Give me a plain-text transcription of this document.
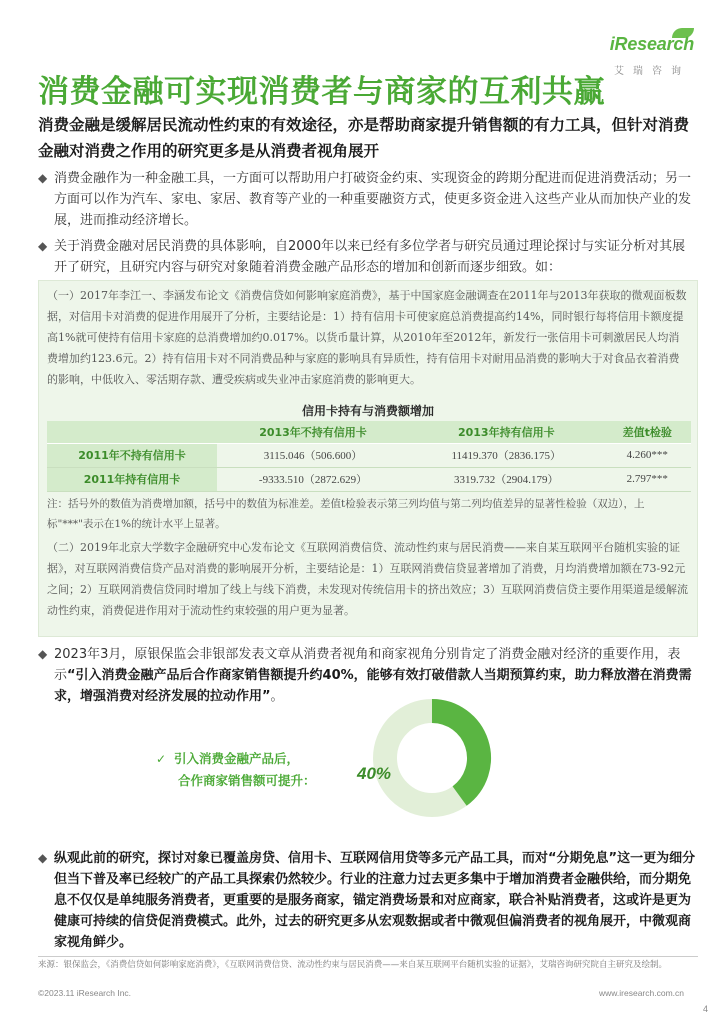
iResearch
艾瑞咨询
消费金融可实现消费者与商家的互利共赢
消费金融是缓解居民流动性约束的有效途径，亦是帮助商家提升销售额的有力工具，但针对消费金融对消费之作用的研究更多是从消费者视角展开
◆ 消费金融作为一种金融工具，一方面可以帮助用户打破资金约束、实现资金的跨期分配进而促进消费活动；另一方面可以作为汽车、家电、家居、教育等产业的一种重要融资方式，使更多资金进入这些产业从而加快产业的发展，进而推动经济增长。
◆ 关于消费金融对居民消费的具体影响，自2000年以来已经有多位学者与研究员通过理论探讨与实证分析对其展开了研究，且研究内容与研究对象随着消费金融产品形态的增加和创新而逐步细致。如：
（一）2017年李江一、李涵发布论文《消费信贷如何影响家庭消费》，基于中国家庭金融调查在2011年与2013年获取的微观面板数据，对信用卡对消费的促进作用展开了分析，主要结论是：1）持有信用卡可使家庭总消费提高约14%，同时银行每将信用卡额度提高1%就可使持有信用卡家庭的总消费增加约0.017%。以货币量计算，从2010年至2012年，新发行一张信用卡可刺激居民人均消费增加约123.6元。2）持有信用卡对不同消费品种与家庭的影响具有异质性，持有信用卡对耐用品消费的影响大于对食品衣着消费的影响，中低收入、零活期存款、遭受疾病或失业冲击家庭消费的影响更大。
信用卡持有与消费额增加
	2013年不持有信用卡	2013年持有信用卡	差值t检验
2011年不持有信用卡	3115.046（506.600）	11419.370（2836.175）	4.260***
2011年持有信用卡	-9333.510（2872.629）	3319.732（2904.179）	2.797***
注：括号外的数值为消费增加额，括号中的数值为标准差。差值t检验表示第三列均值与第二列均值差异的显著性检验（双边），上标"***"表示在1%的统计水平上显著。
（二）2019年北京大学数字金融研究中心发布论文《互联网消费信贷、流动性约束与居民消费——来自某互联网平台随机实验的证据》，对互联网消费信贷产品对消费的影响展开分析，主要结论是：1）互联网消费信贷显著增加了消费，月均消费增加额在73-92元之间；2）互联网消费信贷同时增加了线上与线下消费，未发现对传统信用卡的挤出效应；3）互联网消费信贷主要作用渠道是缓解流动性约束，消费促进作用对于流动性约束较强的用户更为显著。
◆ 2023年3月，原银保监会非银部发表文章从消费者视角和商家视角分别肯定了消费金融对经济的重要作用，表示“引入消费金融产品后合作商家销售额提升约40%，能够有效打破借款人当期预算约束，助力释放潜在消费需求，增强消费对经济发展的拉动作用”。
✓ 引入消费金融产品后，
合作商家销售额可提升： 40%
◆ 纵观此前的研究，探讨对象已覆盖房贷、信用卡、互联网信用贷等多元产品工具，而对“分期免息”这一更为细分但当下普及率已经较广的产品工具探索仍然较少。行业的注意力过去更多集中于增加消费者金融供给，而分期免息不仅仅是单纯服务消费者，更重要的是服务商家，锚定消费场景和对应商家，联合补贴消费者，这或许是更为健康可持续的信贷促消费模式。此外，过去的研究更多从宏观数据或者中微观但偏消费者的视角展开，中微观商家视角鲜少。
来源：银保监会，《消费信贷如何影响家庭消费》，《互联网消费信贷、流动性约束与居民消费——来自某互联网平台随机实验的证据》，艾瑞咨询研究院自主研究及绘制。
©2023.11 iResearch Inc.	www.iresearch.com.cn
4
